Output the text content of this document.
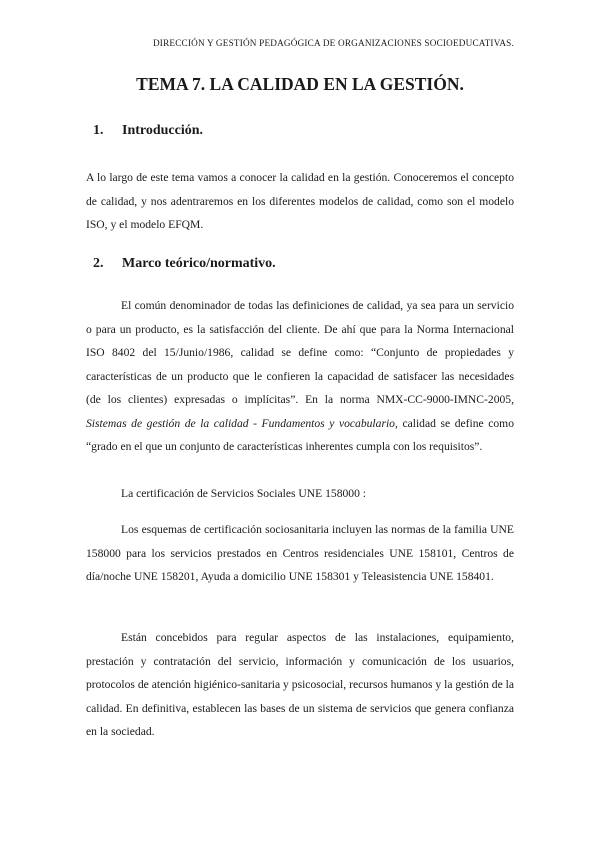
DIRECCIÓN Y GESTIÓN PEDAGÓGICA DE ORGANIZACIONES SOCIOEDUCATIVAS.
TEMA 7. LA CALIDAD EN LA GESTIÓN.
1. Introducción.

A lo largo de este tema vamos a conocer la calidad en la gestión. Conoceremos el concepto de calidad, y nos adentraremos en los diferentes modelos de calidad, como son el modelo ISO, y el modelo EFQM.

2. Marco teórico/normativo.

El común denominador de todas las definiciones de calidad, ya sea para un servicio o para un producto, es la satisfacción del cliente. De ahí que para la Norma Internacional ISO 8402 del 15/Junio/1986, calidad se define como: “Conjunto de propiedades y características de un producto que le confieren la capacidad de satisfacer las necesidades (de los clientes) expresadas o implícitas”. En la norma NMX-CC-9000-IMNC-2005, Sistemas de gestión de la calidad - Fundamentos y vocabulario, calidad se define como “grado en el que un conjunto de características inherentes cumpla con los requisitos”.

La certificación de Servicios Sociales UNE 158000 :

Los esquemas de certificación sociosanitaria incluyen las normas de la familia UNE 158000 para los servicios prestados en Centros residenciales UNE 158101, Centros de día/noche UNE 158201, Ayuda a domicilio UNE 158301 y Teleasistencia UNE 158401.

Están concebidos para regular aspectos de las instalaciones, equipamiento, prestación y contratación del servicio, información y comunicación de los usuarios, protocolos de atención higiénico-sanitaria y psicosocial, recursos humanos y la gestión de la calidad. En definitiva, establecen las bases de un sistema de servicios que genera confianza en la sociedad.
